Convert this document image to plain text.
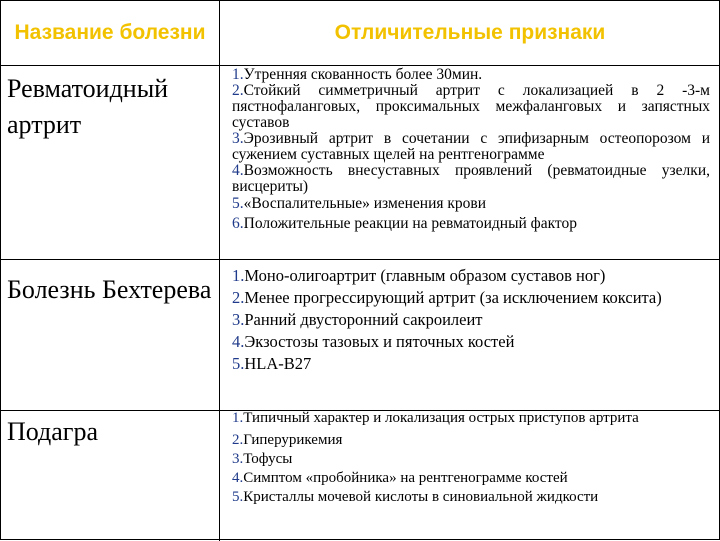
Название болезни	Отличительные признаки
Ревматоидный артрит

1.Утренняя скованность более 30мин.

2.Стойкий симметричный артрит с локализацией в 2 -3-м пястнофаланговых, проксимальных межфаланговых и запястных суставов

3.Эрозивный артрит в сочетании с эпифизарным остеопорозом и сужением суставных щелей на рентгенограмме

4.Возможность внесуставных проявлений (ревматоидные узелки, висцериты)

5.«Воспалительные» изменения крови

6.Положительные реакции на ревматоидный фактор

Болезнь Бехтерева 1.Моно-олигоартрит (главным образом суставов ног)

2.Менее прогрессирующий артрит (за исключением коксита)

3.Ранний двусторонний сакроилеит

4.Экзостозы тазовых и пяточных костей

5.HLA-B27

Подагра	1.Типичный характер и локализация острых приступов артрита

2.Гиперурикемия

3.Тофусы

4.Симптом «пробойника» на рентгенограмме костей

5.Кристаллы мочевой кислоты в синовиальной жидкости
